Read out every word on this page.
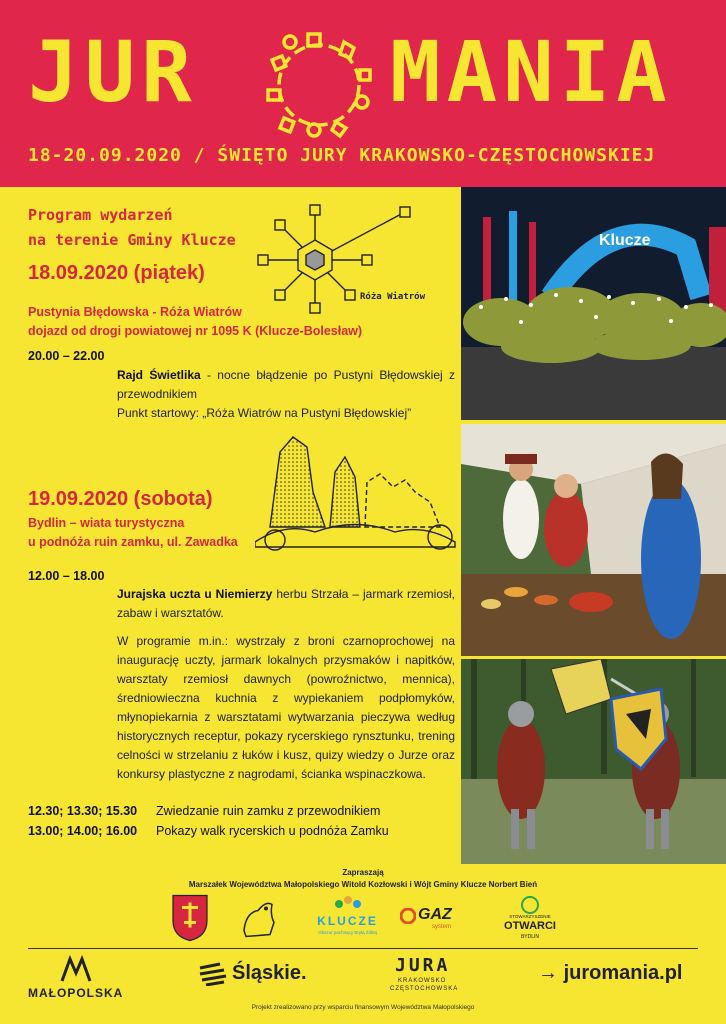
JUR MANIA
18-20.09.2020 / ŚWIĘTO JURY KRAKOWSKO-CZĘSTOCHOWSKIEJ
Program wydarzeń
na terenie Gminy Klucze
Róża Wiatrów
18.09.2020 (piątek)
Pustynia Błędowska - Róża Wiatrów
dojazd od drogi powiatowej nr 1095 K (Klucze-Bolesław)
20.00 – 22.00
Rajd Świetlika - nocne błądzenie po Pustyni Błędowskiej z przewodnikiem
Punkt startowy: „Róża Wiatrów na Pustyni Błędowskiej”
19.09.2020 (sobota)
Bydlin – wiata turystyczna
u podnóża ruin zamku, ul. Zawadka
12.00 – 18.00
Jurajska uczta u Niemierzy herbu Strzała – jarmark rzemiosł, zabaw i warsztatów.
W programie m.in.: wystrzały z broni czarnoprochowej na inaugurację uczty, jarmark lokalnych przysmaków i napitków, warsztaty rzemiosł dawnych (powroźnictwo, mennica), średniowieczna kuchnia z wypiekaniem podpłomyków, młynopiekarnia z warsztatami wytwarzania pieczywa według historycznych receptur, pokazy rycerskiego rynsztunku, trening celności w strzelaniu z łuków i kusz, quizy wiedzy o Jurze oraz konkursy plastyczne z nagrodami, ścianka wspinaczkowa.
12.30; 13.30; 15.30 Zwiedzanie ruin zamku z przewodnikiem
13.00; 14.00; 16.00 Pokazy walk rycerskich u podnóża Zamku
Klucze
Zapraszają
Marszałek Województwa Małopolskiego Witold Kozłowski i Wójt Gminy Klucze Norbert Bień
KLUCZE
Obszar pachnący Bryłą Żółtej
GAZ
system
STOWARZYSZENIE
OTWARCI
BYDLIN
MAŁOPOLSKA
Śląskie.	JURA
KRAKOWSKO
CZĘSTOCHOWSKA
→ juromania.pl
Projekt zrealizowano przy wsparciu finansowym Województwa Małopolskiego
